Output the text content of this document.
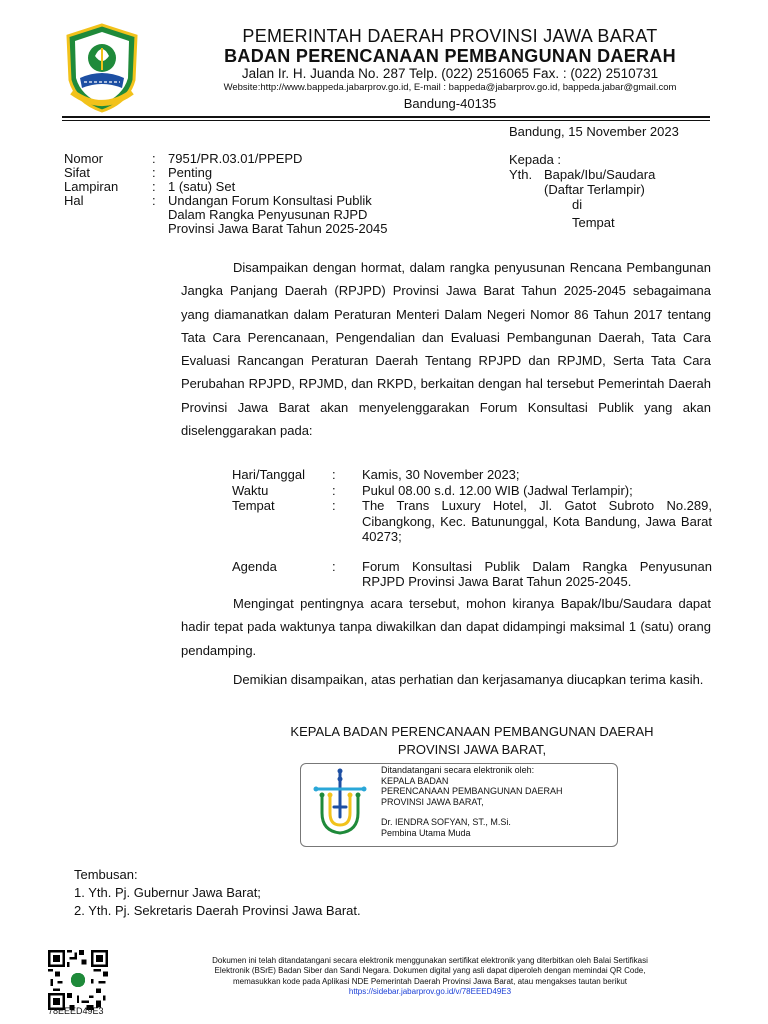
PEMERINTAH DAERAH PROVINSI JAWA BARAT
BADAN PERENCANAAN PEMBANGUNAN DAERAH
Jalan Ir. H. Juanda No. 287 Telp. (022) 2516065 Fax. : (022) 2510731
Website:http://www.bappeda.jabarprov.go.id, E-mail : bappeda@jabarprov.go.id, bappeda.jabar@gmail.com
Bandung-40135
Bandung, 15 November 2023
Nomor	:	7951/PR.03.01/PPEPD
Sifat	:	Penting
Lampiran	:	1 (satu) Set
Hal	:	Undangan Forum Konsultasi Publik
Dalam Rangka Penyusunan RJPD
Provinsi Jawa Barat Tahun 2025-2045
Kepada :
Yth. Bapak/Ibu/Saudara
(Daftar Terlampir)
di
Tempat
Disampaikan dengan hormat, dalam rangka penyusunan Rencana Pembangunan Jangka Panjang Daerah (RPJPD) Provinsi Jawa Barat Tahun 2025-2045 sebagaimana yang diamanatkan dalam Peraturan Menteri Dalam Negeri Nomor 86 Tahun 2017 tentang Tata Cara Perencanaan, Pengendalian dan Evaluasi Pembangunan Daerah, Tata Cara Evaluasi Rancangan Peraturan Daerah Tentang RPJPD dan RPJMD, Serta Tata Cara Perubahan RPJPD, RPJMD, dan RKPD, berkaitan dengan hal tersebut Pemerintah Daerah Provinsi Jawa Barat akan menyelenggarakan Forum Konsultasi Publik yang akan diselenggarakan pada:
Hari/Tanggal	:	Kamis, 30 November 2023;
Waktu	:	Pukul 08.00 s.d. 12.00 WIB (Jadwal Terlampir);
Tempat	:	The Trans Luxury Hotel, Jl. Gatot Subroto No.289, Cibangkong, Kec. Batununggal, Kota Bandung, Jawa Barat 40273;
Agenda	:	Forum Konsultasi Publik Dalam Rangka Penyusunan RPJPD Provinsi Jawa Barat Tahun 2025-2045.
Mengingat pentingnya acara tersebut, mohon kiranya Bapak/Ibu/Saudara dapat hadir tepat pada waktunya tanpa diwakilkan dan dapat didampingi maksimal 1 (satu) orang pendamping.
Demikian disampaikan, atas perhatian dan kerjasamanya diucapkan terima kasih.
KEPALA BADAN PERENCANAAN PEMBANGUNAN DAERAH
PROVINSI JAWA BARAT,
Ditandatangani secara elektronik oleh:
KEPALA BADAN
PERENCANAAN PEMBANGUNAN DAERAH
PROVINSI JAWA BARAT,
Dr. IENDRA SOFYAN, ST., M.Si.
Pembina Utama Muda
Tembusan:
1. Yth. Pj. Gubernur Jawa Barat;
2. Yth. Pj. Sekretaris Daerah Provinsi Jawa Barat.
78EEED49E3
Dokumen ini telah ditandatangani secara elektronik menggunakan sertifikat elektronik yang diterbitkan oleh Balai Sertifikasi
Elektronik (BSrE) Badan Siber dan Sandi Negara. Dokumen digital yang asli dapat diperoleh dengan memindai QR Code,
memasukkan kode pada Aplikasi NDE Pemerintah Daerah Provinsi Jawa Barat, atau mengakses tautan berikut
https://sidebar.jabarprov.go.id/v/78EEED49E3
